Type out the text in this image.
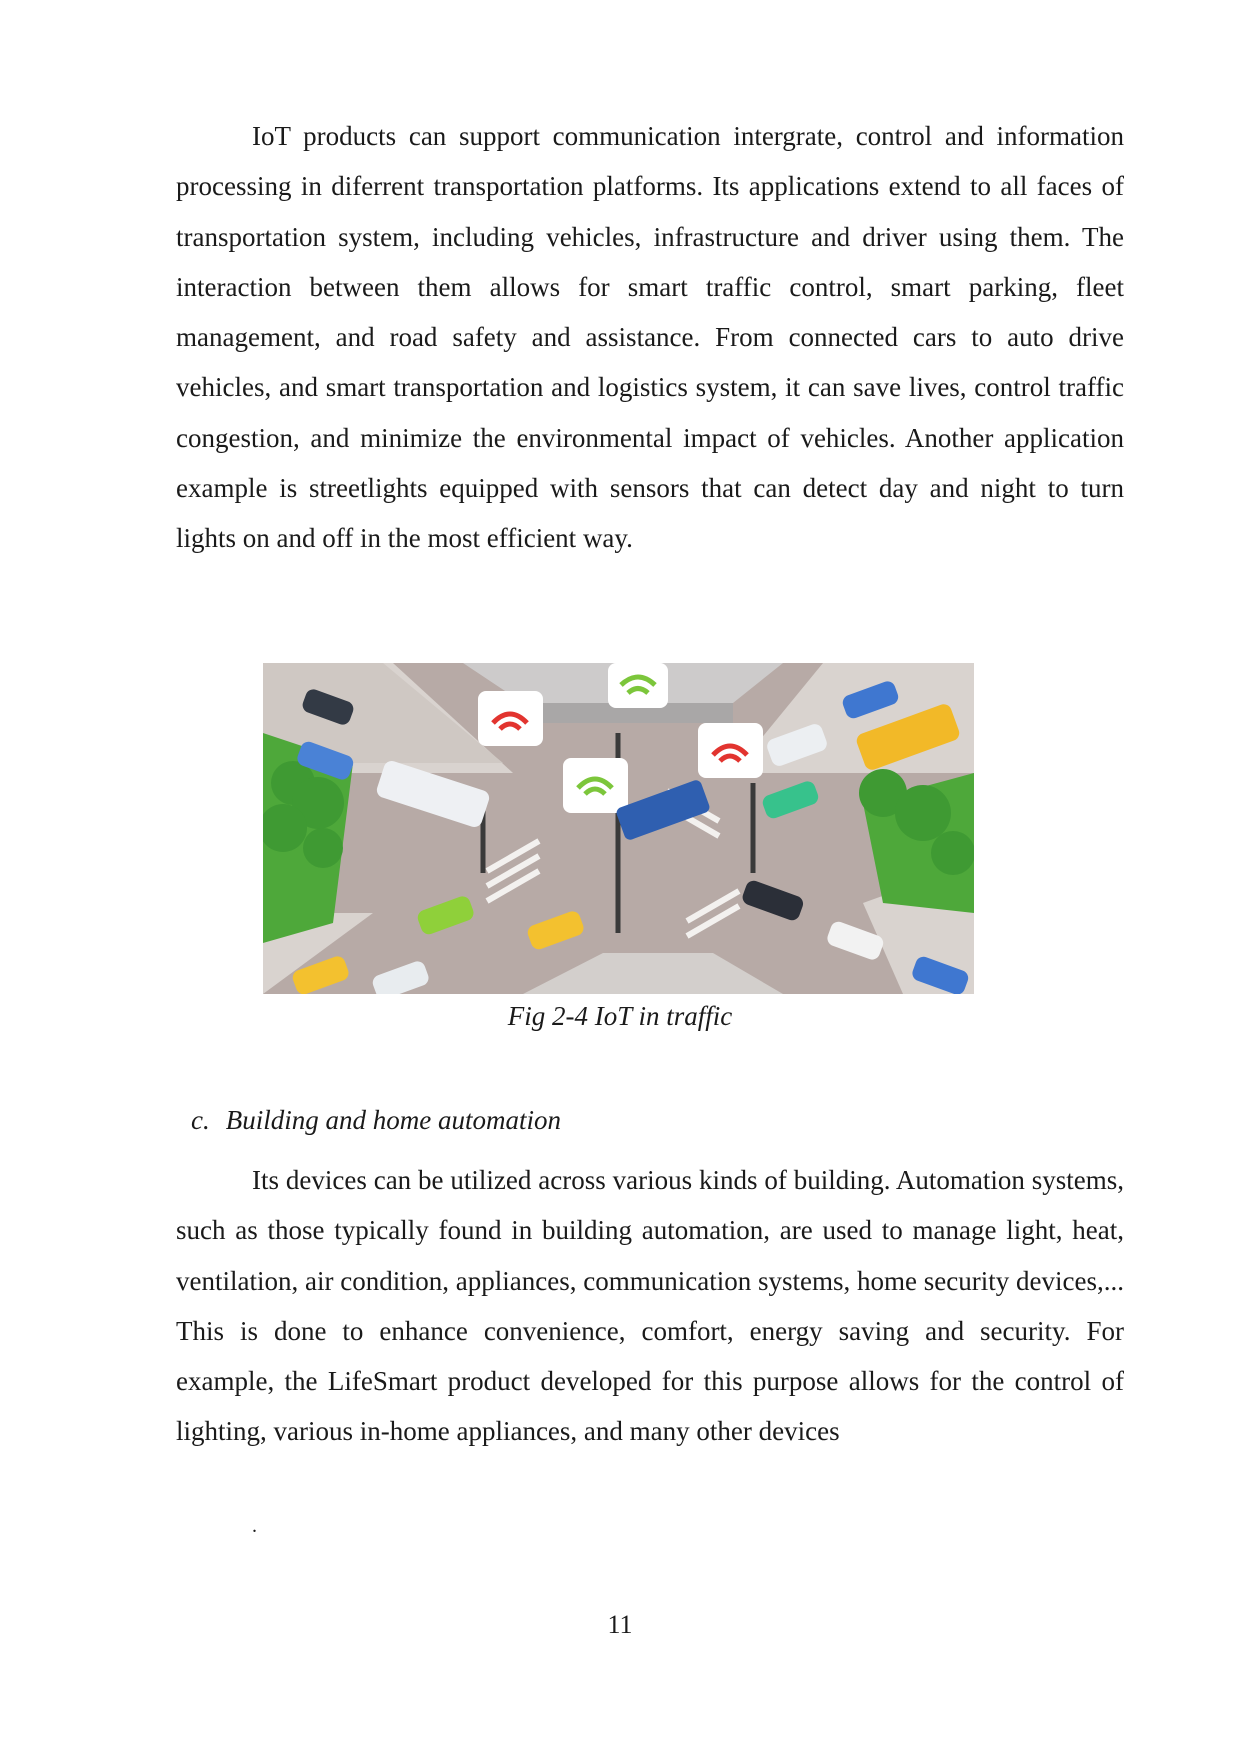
IoT products can support communication intergrate, control and information processing in diferrent transportation platforms. Its applications extend to all faces of transportation system, including vehicles, infrastructure and driver using them. The interaction between them allows for smart traffic control, smart parking, fleet management, and road safety and assistance. From connected cars to auto drive vehicles, and smart transportation and logistics system, it can save lives, control traffic congestion, and minimize the environmental impact of vehicles. Another application example is streetlights equipped with sensors that can detect day and night to turn lights on and off in the most efficient way.

Fig 2-4 IoT in traffic
c. Building and home automation

Its devices can be utilized across various kinds of building. Automation systems, such as those typically found in building automation, are used to manage light, heat, ventilation, air condition, appliances, communication systems, home security devices,... This is done to enhance convenience, comfort, energy saving and security. For example, the LifeSmart product developed for this purpose allows for the control of lighting, various in-home appliances, and many other devices

.
11
